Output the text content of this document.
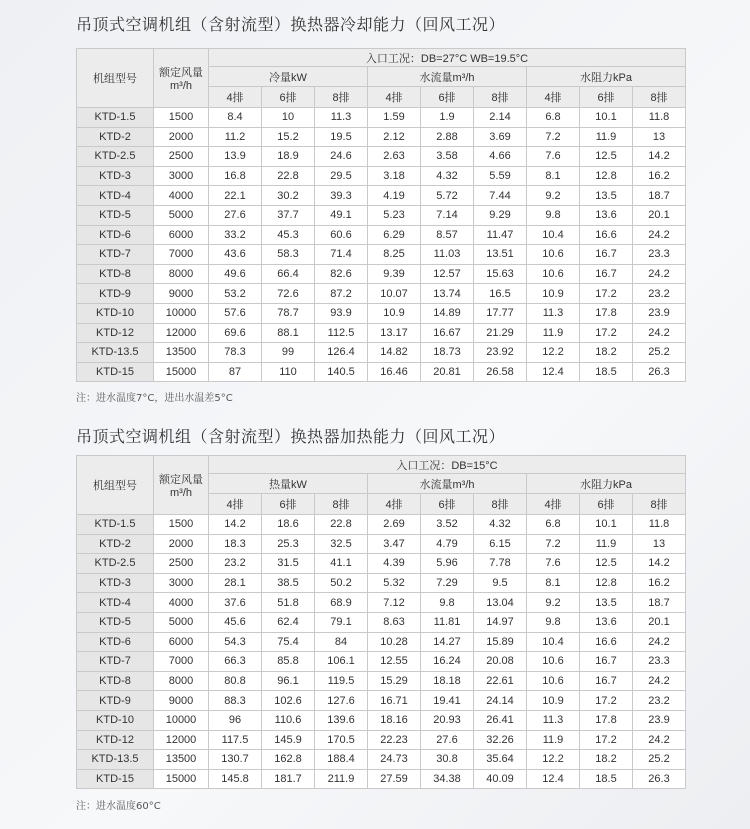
吊顶式空调机组（含射流型）换热器冷却能力（回风工况）
机组型号	额定风量
m³/h	入口工况：DB=27°C WB=19.5°C								
		冷量kW			水流量m³/h			水阻力kPa		
		4排	6排	8排	4排	6排	8排	4排	6排	8排
KTD-1.5	1500	8.4	10	11.3	1.59	1.9	2.14	6.8	10.1	11.8
KTD-2	2000	11.2	15.2	19.5	2.12	2.88	3.69	7.2	11.9	13
KTD-2.5	2500	13.9	18.9	24.6	2.63	3.58	4.66	7.6	12.5	14.2
KTD-3	3000	16.8	22.8	29.5	3.18	4.32	5.59	8.1	12.8	16.2
KTD-4	4000	22.1	30.2	39.3	4.19	5.72	7.44	9.2	13.5	18.7
KTD-5	5000	27.6	37.7	49.1	5.23	7.14	9.29	9.8	13.6	20.1
KTD-6	6000	33.2	45.3	60.6	6.29	8.57	11.47	10.4	16.6	24.2
KTD-7	7000	43.6	58.3	71.4	8.25	11.03	13.51	10.6	16.7	23.3
KTD-8	8000	49.6	66.4	82.6	9.39	12.57	15.63	10.6	16.7	24.2
KTD-9	9000	53.2	72.6	87.2	10.07	13.74	16.5	10.9	17.2	23.2
KTD-10	10000	57.6	78.7	93.9	10.9	14.89	17.77	11.3	17.8	23.9
KTD-12	12000	69.6	88.1	112.5	13.17	16.67	21.29	11.9	17.2	24.2
KTD-13.5	13500	78.3	99	126.4	14.82	18.73	23.92	12.2	18.2	25.2
KTD-15	15000	87	110	140.5	16.46	20.81	26.58	12.4	18.5	26.3
注：进水温度7°C，进出水温差5°C
吊顶式空调机组（含射流型）换热器加热能力（回风工况）
机组型号	额定风量
m³/h	入口工况：DB=15°C								
		热量kW			水流量m³/h			水阻力kPa		
		4排	6排	8排	4排	6排	8排	4排	6排	8排
KTD-1.5	1500	14.2	18.6	22.8	2.69	3.52	4.32	6.8	10.1	11.8
KTD-2	2000	18.3	25.3	32.5	3.47	4.79	6.15	7.2	11.9	13
KTD-2.5	2500	23.2	31.5	41.1	4.39	5.96	7.78	7.6	12.5	14.2
KTD-3	3000	28.1	38.5	50.2	5.32	7.29	9.5	8.1	12.8	16.2
KTD-4	4000	37.6	51.8	68.9	7.12	9.8	13.04	9.2	13.5	18.7
KTD-5	5000	45.6	62.4	79.1	8.63	11.81	14.97	9.8	13.6	20.1
KTD-6	6000	54.3	75.4	84	10.28	14.27	15.89	10.4	16.6	24.2
KTD-7	7000	66.3	85.8	106.1	12.55	16.24	20.08	10.6	16.7	23.3
KTD-8	8000	80.8	96.1	119.5	15.29	18.18	22.61	10.6	16.7	24.2
KTD-9	9000	88.3	102.6	127.6	16.71	19.41	24.14	10.9	17.2	23.2
KTD-10	10000	96	110.6	139.6	18.16	20.93	26.41	11.3	17.8	23.9
KTD-12	12000	117.5	145.9	170.5	22.23	27.6	32.26	11.9	17.2	24.2
KTD-13.5	13500	130.7	162.8	188.4	24.73	30.8	35.64	12.2	18.2	25.2
KTD-15	15000	145.8	181.7	211.9	27.59	34.38	40.09	12.4	18.5	26.3
注：进水温度60°C
